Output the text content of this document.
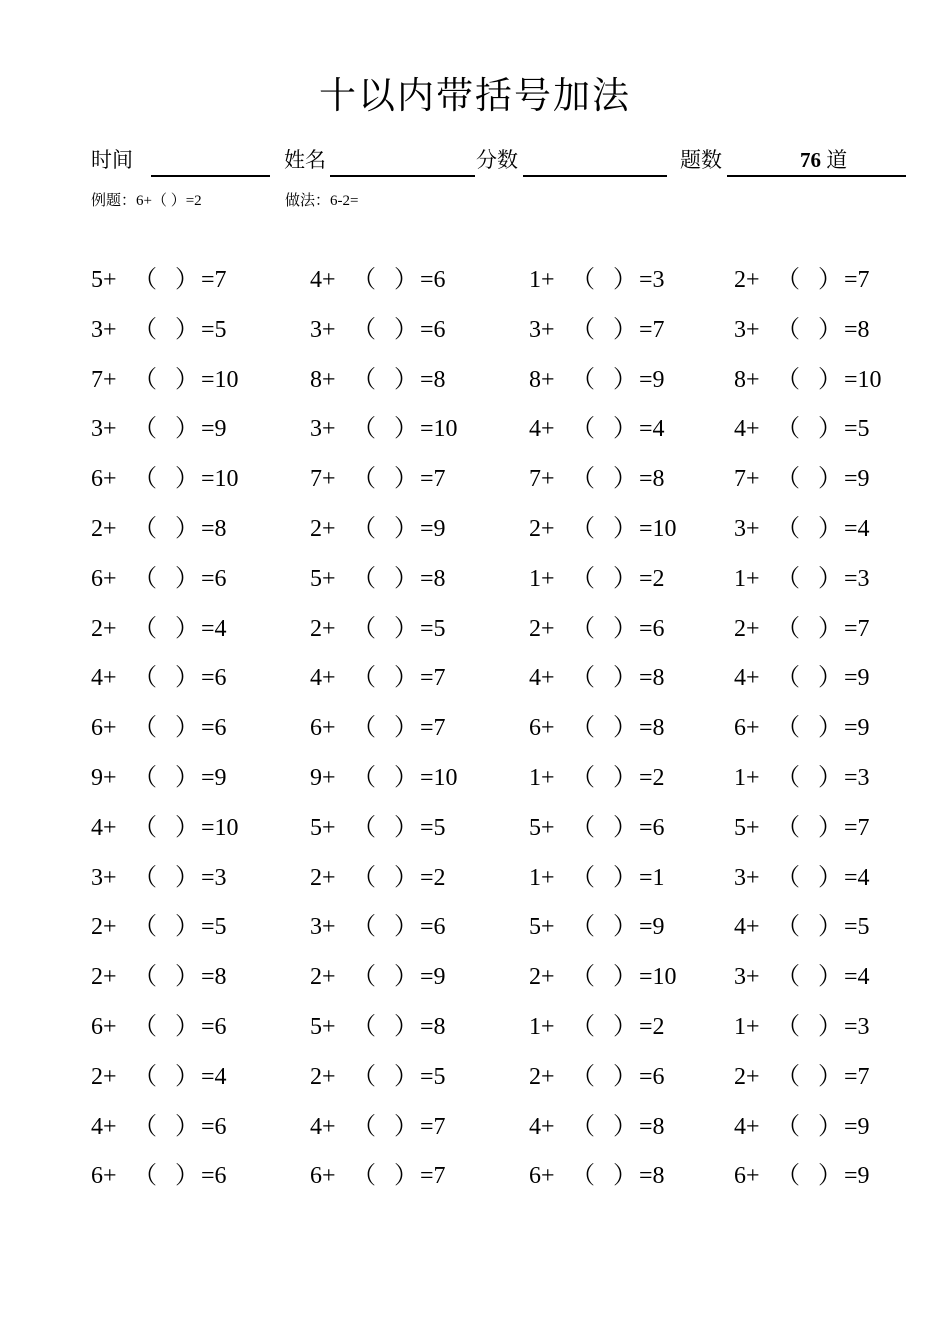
十以内带括号加法
时间	姓名	分数	题数	76 道
例题：6+（ ）=2	做法：6-2=
5+ （ ） =7	4+ （ ） =6	1+ （ ） =3	2+ （ ） =7
3+ （ ） =5	3+ （ ） =6	3+ （ ） =7	3+ （ ） =8
7+ （ ） =10	8+ （ ） =8	8+ （ ） =9	8+ （ ） =10
3+ （ ） =9	3+ （ ） =10	4+ （ ） =4	4+ （ ） =5
6+ （ ） =10	7+ （ ） =7	7+ （ ） =8	7+ （ ） =9
2+ （ ） =8	2+ （ ） =9	2+ （ ） =10 3+ （ ） =4
6+ （ ） =6	5+ （ ） =8	1+ （ ） =2	1+ （ ） =3
2+ （ ） =4	2+ （ ） =5	2+ （ ） =6	2+ （ ） =7
4+ （ ） =6	4+ （ ） =7	4+ （ ） =8	4+ （ ） =9
6+ （ ） =6	6+ （ ） =7	6+ （ ） =8	6+ （ ） =9
9+ （ ） =9	9+ （ ） =10	1+ （ ） =2	1+ （ ） =3
4+ （ ） =10	5+ （ ） =5	5+ （ ） =6	5+ （ ） =7
3+ （ ） =3	2+ （ ） =2	1+ （ ） =1	3+ （ ） =4
2+ （ ） =5	3+ （ ） =6	5+ （ ） =9	4+ （ ） =5
2+ （ ） =8	2+ （ ） =9	2+ （ ） =10 3+ （ ） =4
6+ （ ） =6	5+ （ ） =8	1+ （ ） =2	1+ （ ） =3
2+ （ ） =4	2+ （ ） =5	2+ （ ） =6	2+ （ ） =7
4+ （ ） =6	4+ （ ） =7	4+ （ ） =8	4+ （ ） =9
6+ （ ） =6	6+ （ ） =7	6+ （ ） =8	6+ （ ） =9
